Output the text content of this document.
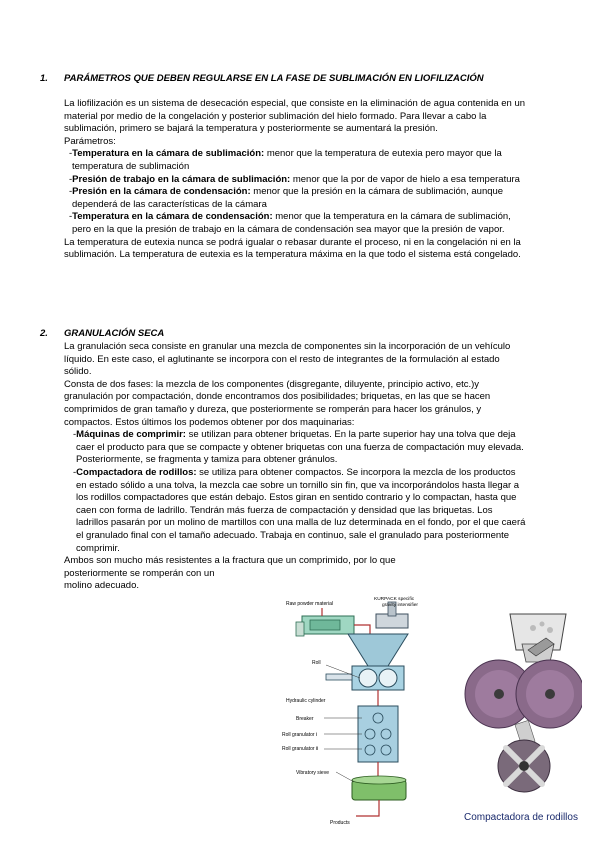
1. PARÁMETROS QUE DEBEN REGULARSE EN LA FASE DE SUBLIMACIÓN EN LIOFILIZACIÓN

La liofilización es un sistema de desecación especial, que consiste en la eliminación de agua contenida en un material por medio de la congelación y posterior sublimación del hielo formado. Para llevar a cabo la sublimación, primero se bajará la temperatura y posteriormente se aumentará la presión.

Parámetros:

-Temperatura en la cámara de sublimación: menor que la temperatura de eutexia pero mayor que la temperatura de sublimación

-Presión de trabajo en la cámara de sublimación: menor que la por de vapor de hielo a esa temperatura

-Presión en la cámara de condensación: menor que la presión en la cámara de sublimación, aunque dependerá de las características de la cámara

-Temperatura en la cámara de condensación: menor que la temperatura en la cámara de sublimación, pero en la que la presión de trabajo en la cámara de condensación sea mayor que la presión de vapor.

La temperatura de eutexia nunca se podrá igualar o rebasar durante el proceso, ni en la congelación ni en la sublimación. La temperatura de eutexia es la temperatura máxima en la que todo el sistema está congelado.

2. GRANULACIÓN SECA

La granulación seca consiste en granular una mezcla de componentes sin la incorporación de un vehículo líquido. En este caso, el aglutinante se incorpora con el resto de integrantes de la formulación al estado sólido.

Consta de dos fases: la mezcla de los componentes (disgregante, diluyente, principio activo, etc.)y granulación por compactación, donde encontramos dos posibilidades; briquetas, en las que se hacen comprimidos de gran tamaño y dureza, que posteriormente se romperán para hacer los gránulos, y compactos. Estos últimos los podemos obtener por dos maquinarias:

-Máquinas de comprimir: se utilizan para obtener briquetas. En la parte superior hay una tolva que deja caer el producto para que se compacte y obtener briquetas con una fuerza de compactación muy elevada. Posteriormente, se fragmenta y tamiza para obtener gránulos.

-Compactadora de rodillos: se utiliza para obtener compactos. Se incorpora la mezcla de los productos en estado sólido a una tolva, la mezcla cae sobre un tornillo sin fin, que va incorporándolos hasta llegar a los rodillos compactadores que están debajo. Estos giran en sentido contrario y lo compactan, hasta que caen con forma de ladrillo. Tendrán más fuerza de compactación y densidad que las briquetas. Los ladrillos pasarán por un molino de martillos con una malla de luz determinada en el fondo, por el que caerá el granulado final con el tamaño adecuado. Trabaja en continuo, sale el granulado para posteriormente comprimir.

Ambos son mucho más resistentes a la fractura que un comprimido, por lo que

posteriormente se romperán con un

molino adecuado.

Raw powder material
KURPACK specific
gravity intensifier
Roll
Hydraulic cylinder
Breaker
Roll granulator Ⅰ
Roll granulator Ⅱ
Vibratory sieve
Products	Compactadora de rodillos
